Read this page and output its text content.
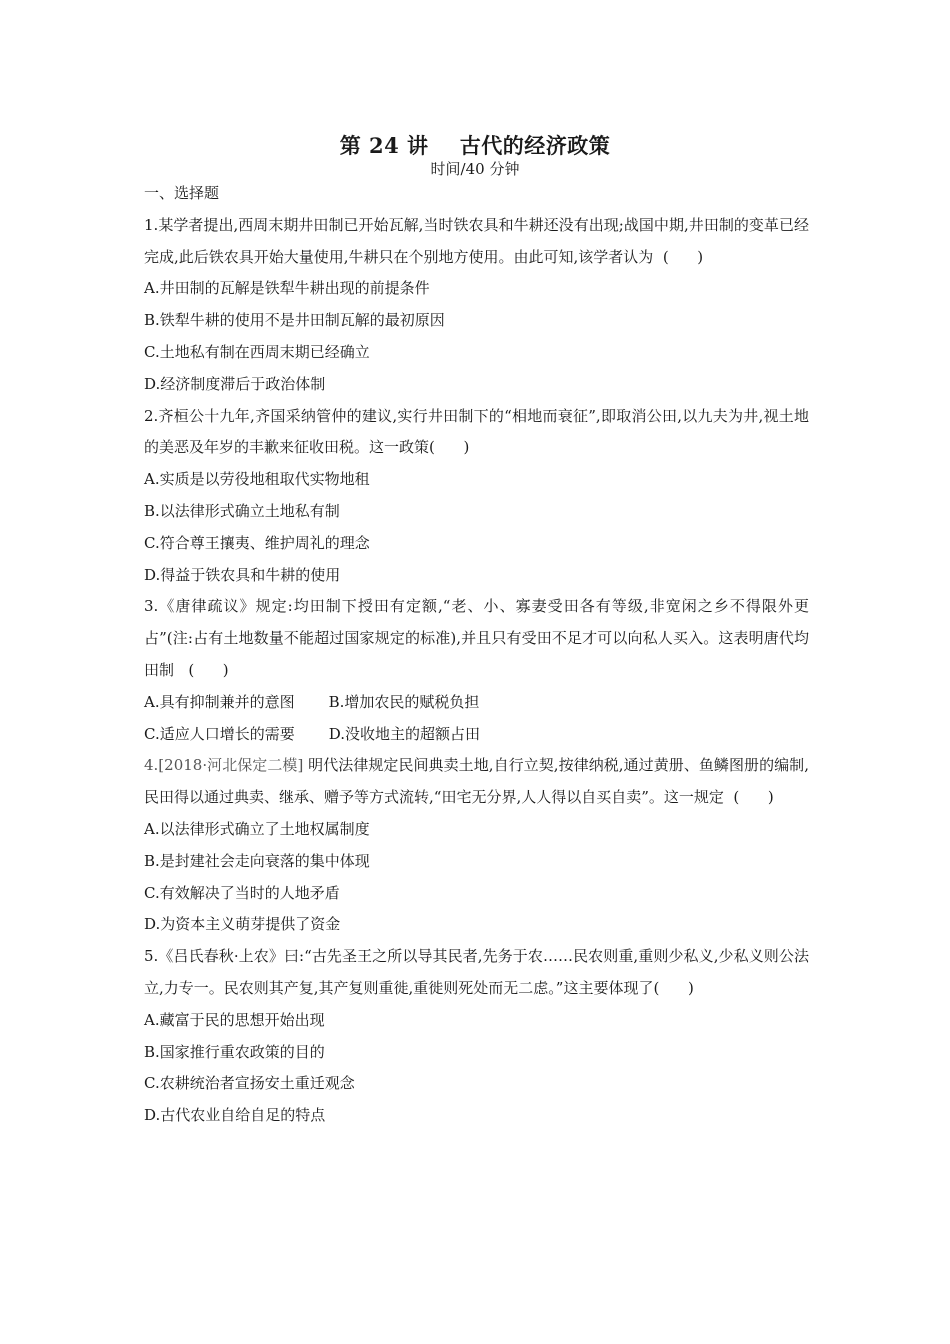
第 24 讲    古代的经济政策
时间/40 分钟

一、选择题

1.某学者提出,西周末期井田制已开始瓦解,当时铁农具和牛耕还没有出现;战国中期,井田制的变革已经完成,此后铁农具开始大量使用,牛耕只在个别地方使用。由此可知,该学者认为  (      )

A.井田制的瓦解是铁犁牛耕出现的前提条件

B.铁犁牛耕的使用不是井田制瓦解的最初原因

C.土地私有制在西周末期已经确立

D.经济制度滞后于政治体制

2.齐桓公十九年,齐国采纳管仲的建议,实行井田制下的“相地而衰征”,即取消公田,以九夫为井,视土地的美恶及年岁的丰歉来征收田税。这一政策(      )

A.实质是以劳役地租取代实物地租

B.以法律形式确立土地私有制

C.符合尊王攘夷、维护周礼的理念

D.得益于铁农具和牛耕的使用

3.《唐律疏议》规定:均田制下授田有定额,“老、小、寡妻受田各有等级,非宽闲之乡不得限外更占”(注:占有土地数量不能超过国家规定的标准),并且只有受田不足才可以向私人买入。这表明唐代均田制   (      )

A.具有抑制兼并的意图 B.增加农民的赋税负担
C.适应人口增长的需要 D.没收地主的超额占田

4.[2018·河北保定二模] 明代法律规定民间典卖土地,自行立契,按律纳税,通过黄册、鱼鳞图册的编制,民田得以通过典卖、继承、赠予等方式流转,“田宅无分界,人人得以自买自卖”。这一规定  (      )

A.以法律形式确立了土地权属制度

B.是封建社会走向衰落的集中体现

C.有效解决了当时的人地矛盾

D.为资本主义萌芽提供了资金

5.《吕氏春秋·上农》曰:“古先圣王之所以导其民者,先务于农……民农则重,重则少私义,少私义则公法立,力专一。民农则其产复,其产复则重徙,重徙则死处而无二虑。”这主要体现了(      )

A.藏富于民的思想开始出现

B.国家推行重农政策的目的

C.农耕统治者宣扬安土重迁观念

D.古代农业自给自足的特点
